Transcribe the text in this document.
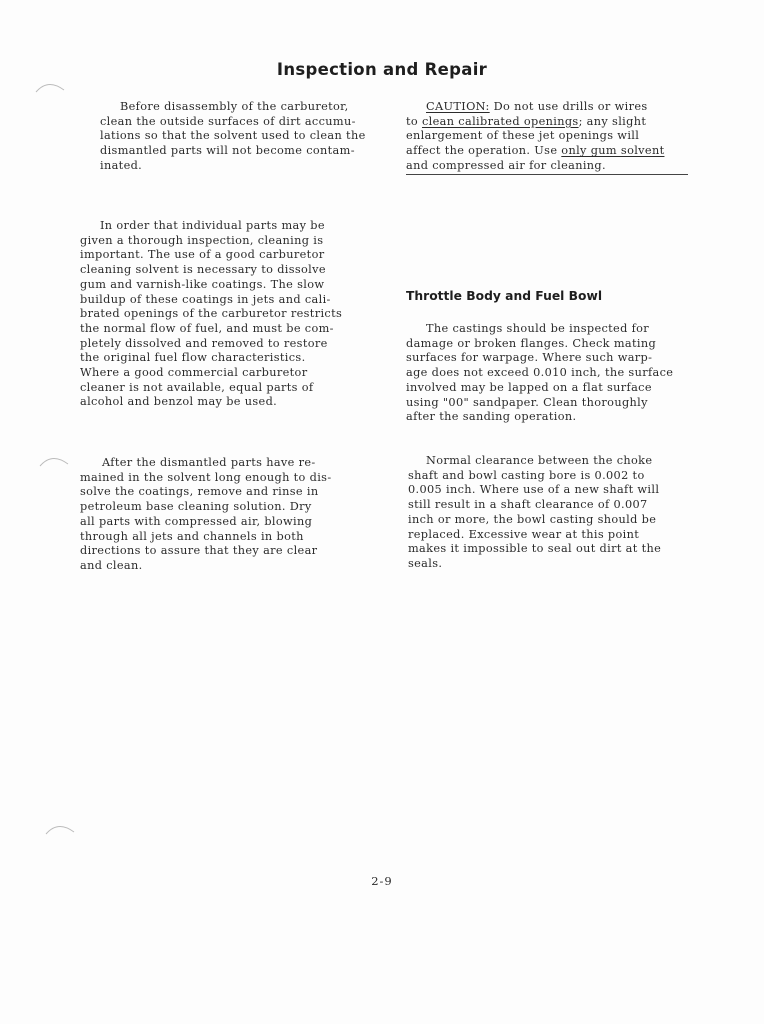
Inspection and Repair

Before disassembly of the carburetor,
clean the outside surfaces of dirt accumu-
lations so that the solvent used to clean the
dismantled parts will not become contam-
inated.

In order that individual parts may be
given a thorough inspection, cleaning is
important. The use of a good carburetor
cleaning solvent is necessary to dissolve
gum and varnish-like coatings. The slow
buildup of these coatings in jets and cali-
brated openings of the carburetor restricts
the normal flow of fuel, and must be com-
pletely dissolved and removed to restore
the original fuel flow characteristics.
Where a good commercial carburetor
cleaner is not available, equal parts of
alcohol and benzol may be used.

After the dismantled parts have re-
mained in the solvent long enough to dis-
solve the coatings, remove and rinse in
petroleum base cleaning solution. Dry
all parts with compressed air, blowing
through all jets and channels in both
directions to assure that they are clear
and clean.

CAUTION: Do not use drills or wires
to clean calibrated openings; any slight
enlargement of these jet openings will
affect the operation. Use only gum solvent
and compressed air for cleaning.

Throttle Body and Fuel Bowl

The castings should be inspected for
damage or broken flanges. Check mating
surfaces for warpage. Where such warp-
age does not exceed 0.010 inch, the surface
involved may be lapped on a flat surface
using "00" sandpaper. Clean thoroughly
after the sanding operation.

Normal clearance between the choke
shaft and bowl casting bore is 0.002 to
0.005 inch. Where use of a new shaft will
still result in a shaft clearance of 0.007
inch or more, the bowl casting should be
replaced. Excessive wear at this point
makes it impossible to seal out dirt at the
seals.

2-9
